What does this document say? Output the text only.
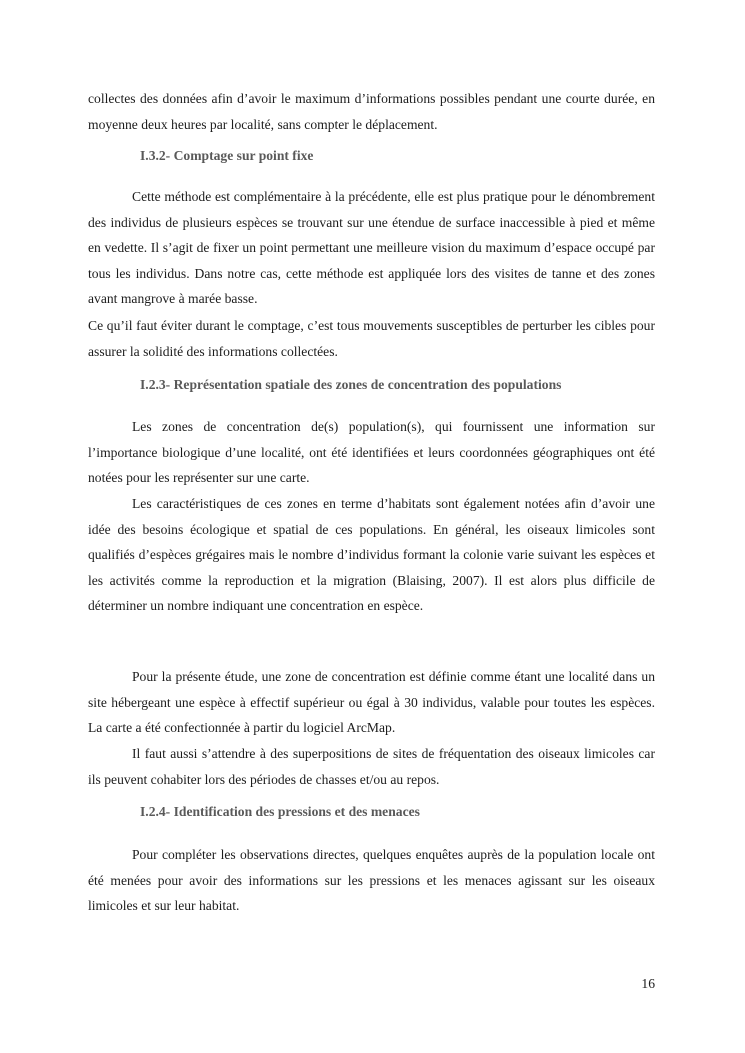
collectes des données afin d’avoir le maximum d’informations possibles pendant une courte durée, en moyenne deux heures par localité, sans compter le déplacement.

I.3.2- Comptage sur point fixe

Cette méthode est complémentaire à la précédente, elle est plus pratique pour le dénombrement des individus de plusieurs espèces se trouvant sur une étendue de surface inaccessible à pied et même en vedette. Il s’agit de fixer un point permettant une meilleure vision du maximum d’espace occupé par tous les individus. Dans notre cas, cette méthode est appliquée lors des visites de tanne et des zones avant mangrove à marée basse.

Ce qu’il faut éviter durant le comptage, c’est tous mouvements susceptibles de perturber les cibles pour assurer la solidité des informations collectées.

I.2.3- Représentation spatiale des zones de concentration des populations

Les zones de concentration de(s) population(s), qui fournissent une information sur l’importance biologique d’une localité, ont été identifiées et leurs coordonnées géographiques ont été notées pour les représenter sur une carte.

Les caractéristiques de ces zones en terme d’habitats sont également notées afin d’avoir une idée des besoins écologique et spatial de ces populations. En général, les oiseaux limicoles sont qualifiés d’espèces grégaires mais le nombre d’individus formant la colonie varie suivant les espèces et les activités comme la reproduction et la migration (Blaising, 2007). Il est alors plus difficile de déterminer un nombre indiquant une concentration en espèce.

Pour la présente étude, une zone de concentration est définie comme étant une localité dans un site hébergeant une espèce à effectif supérieur ou égal à 30 individus, valable pour toutes les espèces. La carte a été confectionnée à partir du logiciel ArcMap.

Il faut aussi s’attendre à des superpositions de sites de fréquentation des oiseaux limicoles car ils peuvent cohabiter lors des périodes de chasses et/ou au repos.

I.2.4- Identification des pressions et des menaces

Pour compléter les observations directes, quelques enquêtes auprès de la population locale ont été menées pour avoir des informations sur les pressions et les menaces agissant sur les oiseaux limicoles et sur leur habitat.

16
